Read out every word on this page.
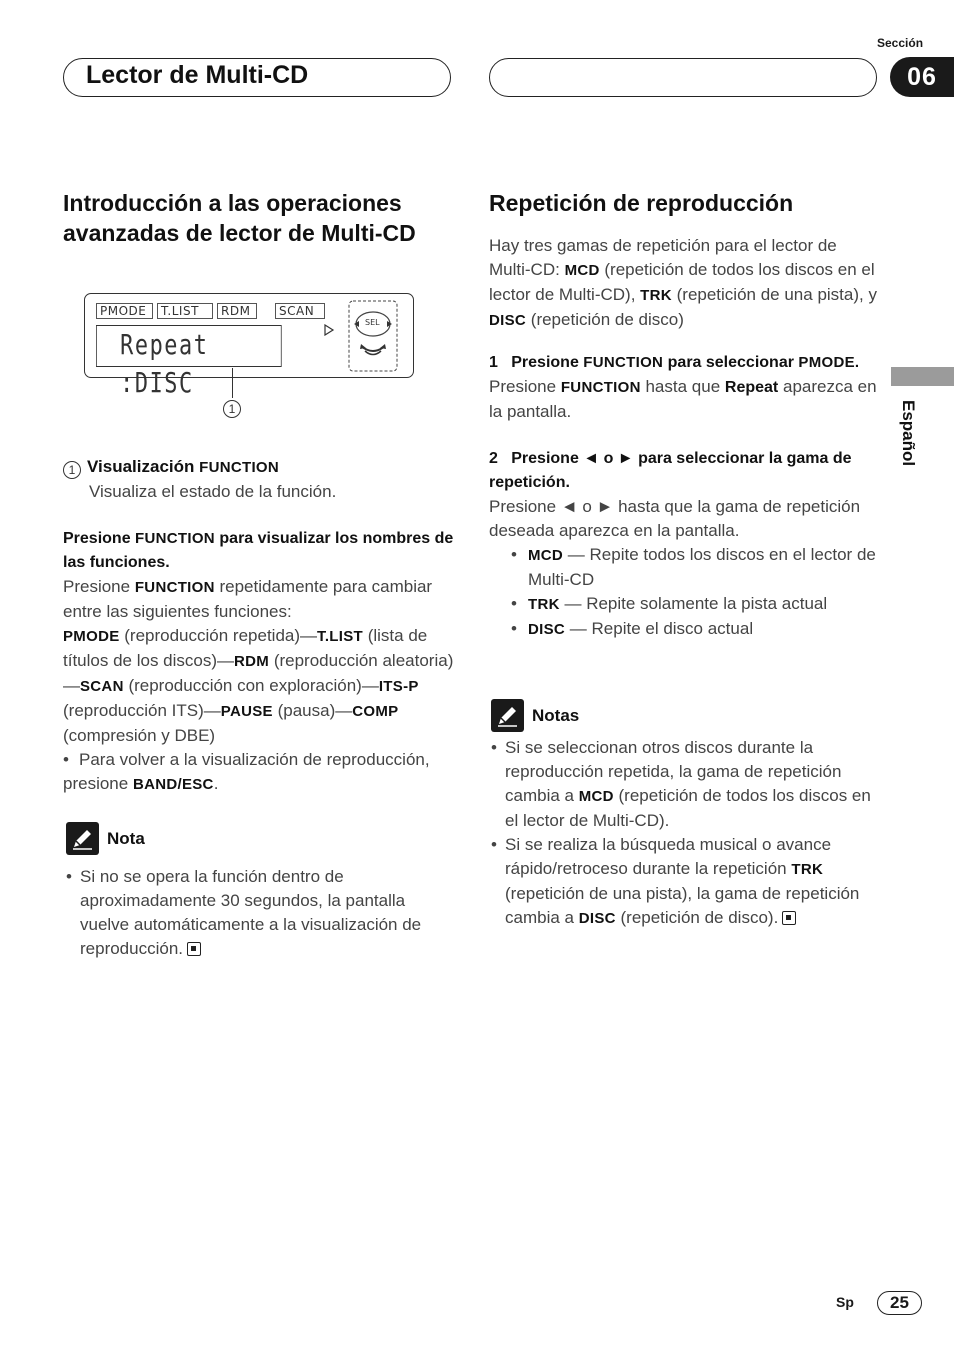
Lector de Multi-CD
Sección
06
Español
Introducción a las operaciones avanzadas de lector de Multi-CD
PMODE	T.LIST	RDM	SCAN
Repeat :DISC
SEL
1
1 Visualización FUNCTION

Visualiza el estado de la función.

Presione FUNCTION para visualizar los nombres de las funciones.

Presione FUNCTION repetidamente para cambiar entre las siguientes funciones:

PMODE (reproducción repetida)—T.LIST (lista de títulos de los discos)—RDM (reproducción aleatoria)—SCAN (reproducción con exploración)—ITS-P (reproducción ITS)—PAUSE (pausa)—COMP (compresión y DBE)

• Para volver a la visualización de reproducción, presione BAND/ESC.

Nota

• Si no se opera la función dentro de aproximadamente 30 segundos, la pantalla vuelve automáticamente a la visualización de reproducción.

Repetición de reproducción

Hay tres gamas de repetición para el lector de Multi-CD: MCD (repetición de todos los discos en el lector de Multi-CD), TRK (repetición de una pista), y DISC (repetición de disco)

1 Presione FUNCTION para seleccionar PMODE.

Presione FUNCTION hasta que Repeat aparezca en la pantalla.

2 Presione ◄ o ► para seleccionar la gama de repetición.

Presione ◄ o ► hasta que la gama de repetición deseada aparezca en la pantalla.

• MCD — Repite todos los discos en el lector de Multi-CD

• TRK — Repite solamente la pista actual

• DISC — Repite el disco actual

Notas

• Si se seleccionan otros discos durante la reproducción repetida, la gama de repetición cambia a MCD (repetición de todos los discos en el lector de Multi-CD).

• Si se realiza la búsqueda musical o avance rápido/retroceso durante la repetición TRK (repetición de una pista), la gama de repetición cambia a DISC (repetición de disco).

Sp	25
